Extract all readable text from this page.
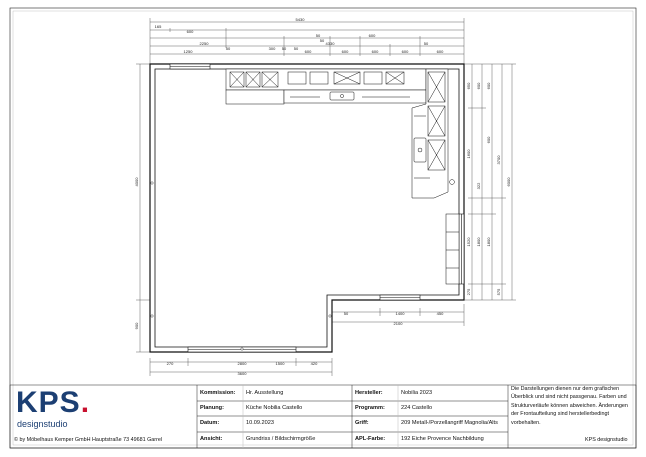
5430
165
600
50	600
2250	4330	50
1250
50	300 50
600	600	600	600	600
50
50
4000
900
650
1600
1520
275
600
322
1800
600
600
1800
6000
3700
575
270	2800	1500	420
3600
50	1400	450
2100
KPS.
designstudio
© by Möbelhaus Kemper GmbH Hauptstraße 73 49681 Garrel
Kommission: Hr. Ausstellung
Planung:	Küche Nobilia Castello
Datum:	10.09.2023
Ansicht:	Grundriss / Bildschirmgröße
Hersteller:	Nobilia 2023
Programm:	224 Castello
Griff:	209 Metall-/Porzellangriff Magnolia/Alts
APL-Farbe:	192 Eiche Provence Nachbildung
Die Darstellungen dienen nur dem grafischen Überblick und sind nicht passgenau. Farben und Strukturverläufe können abweichen. Änderungen der Frontaufteilung sind herstellerbedingt vorbehalten.
KPS designstudio
